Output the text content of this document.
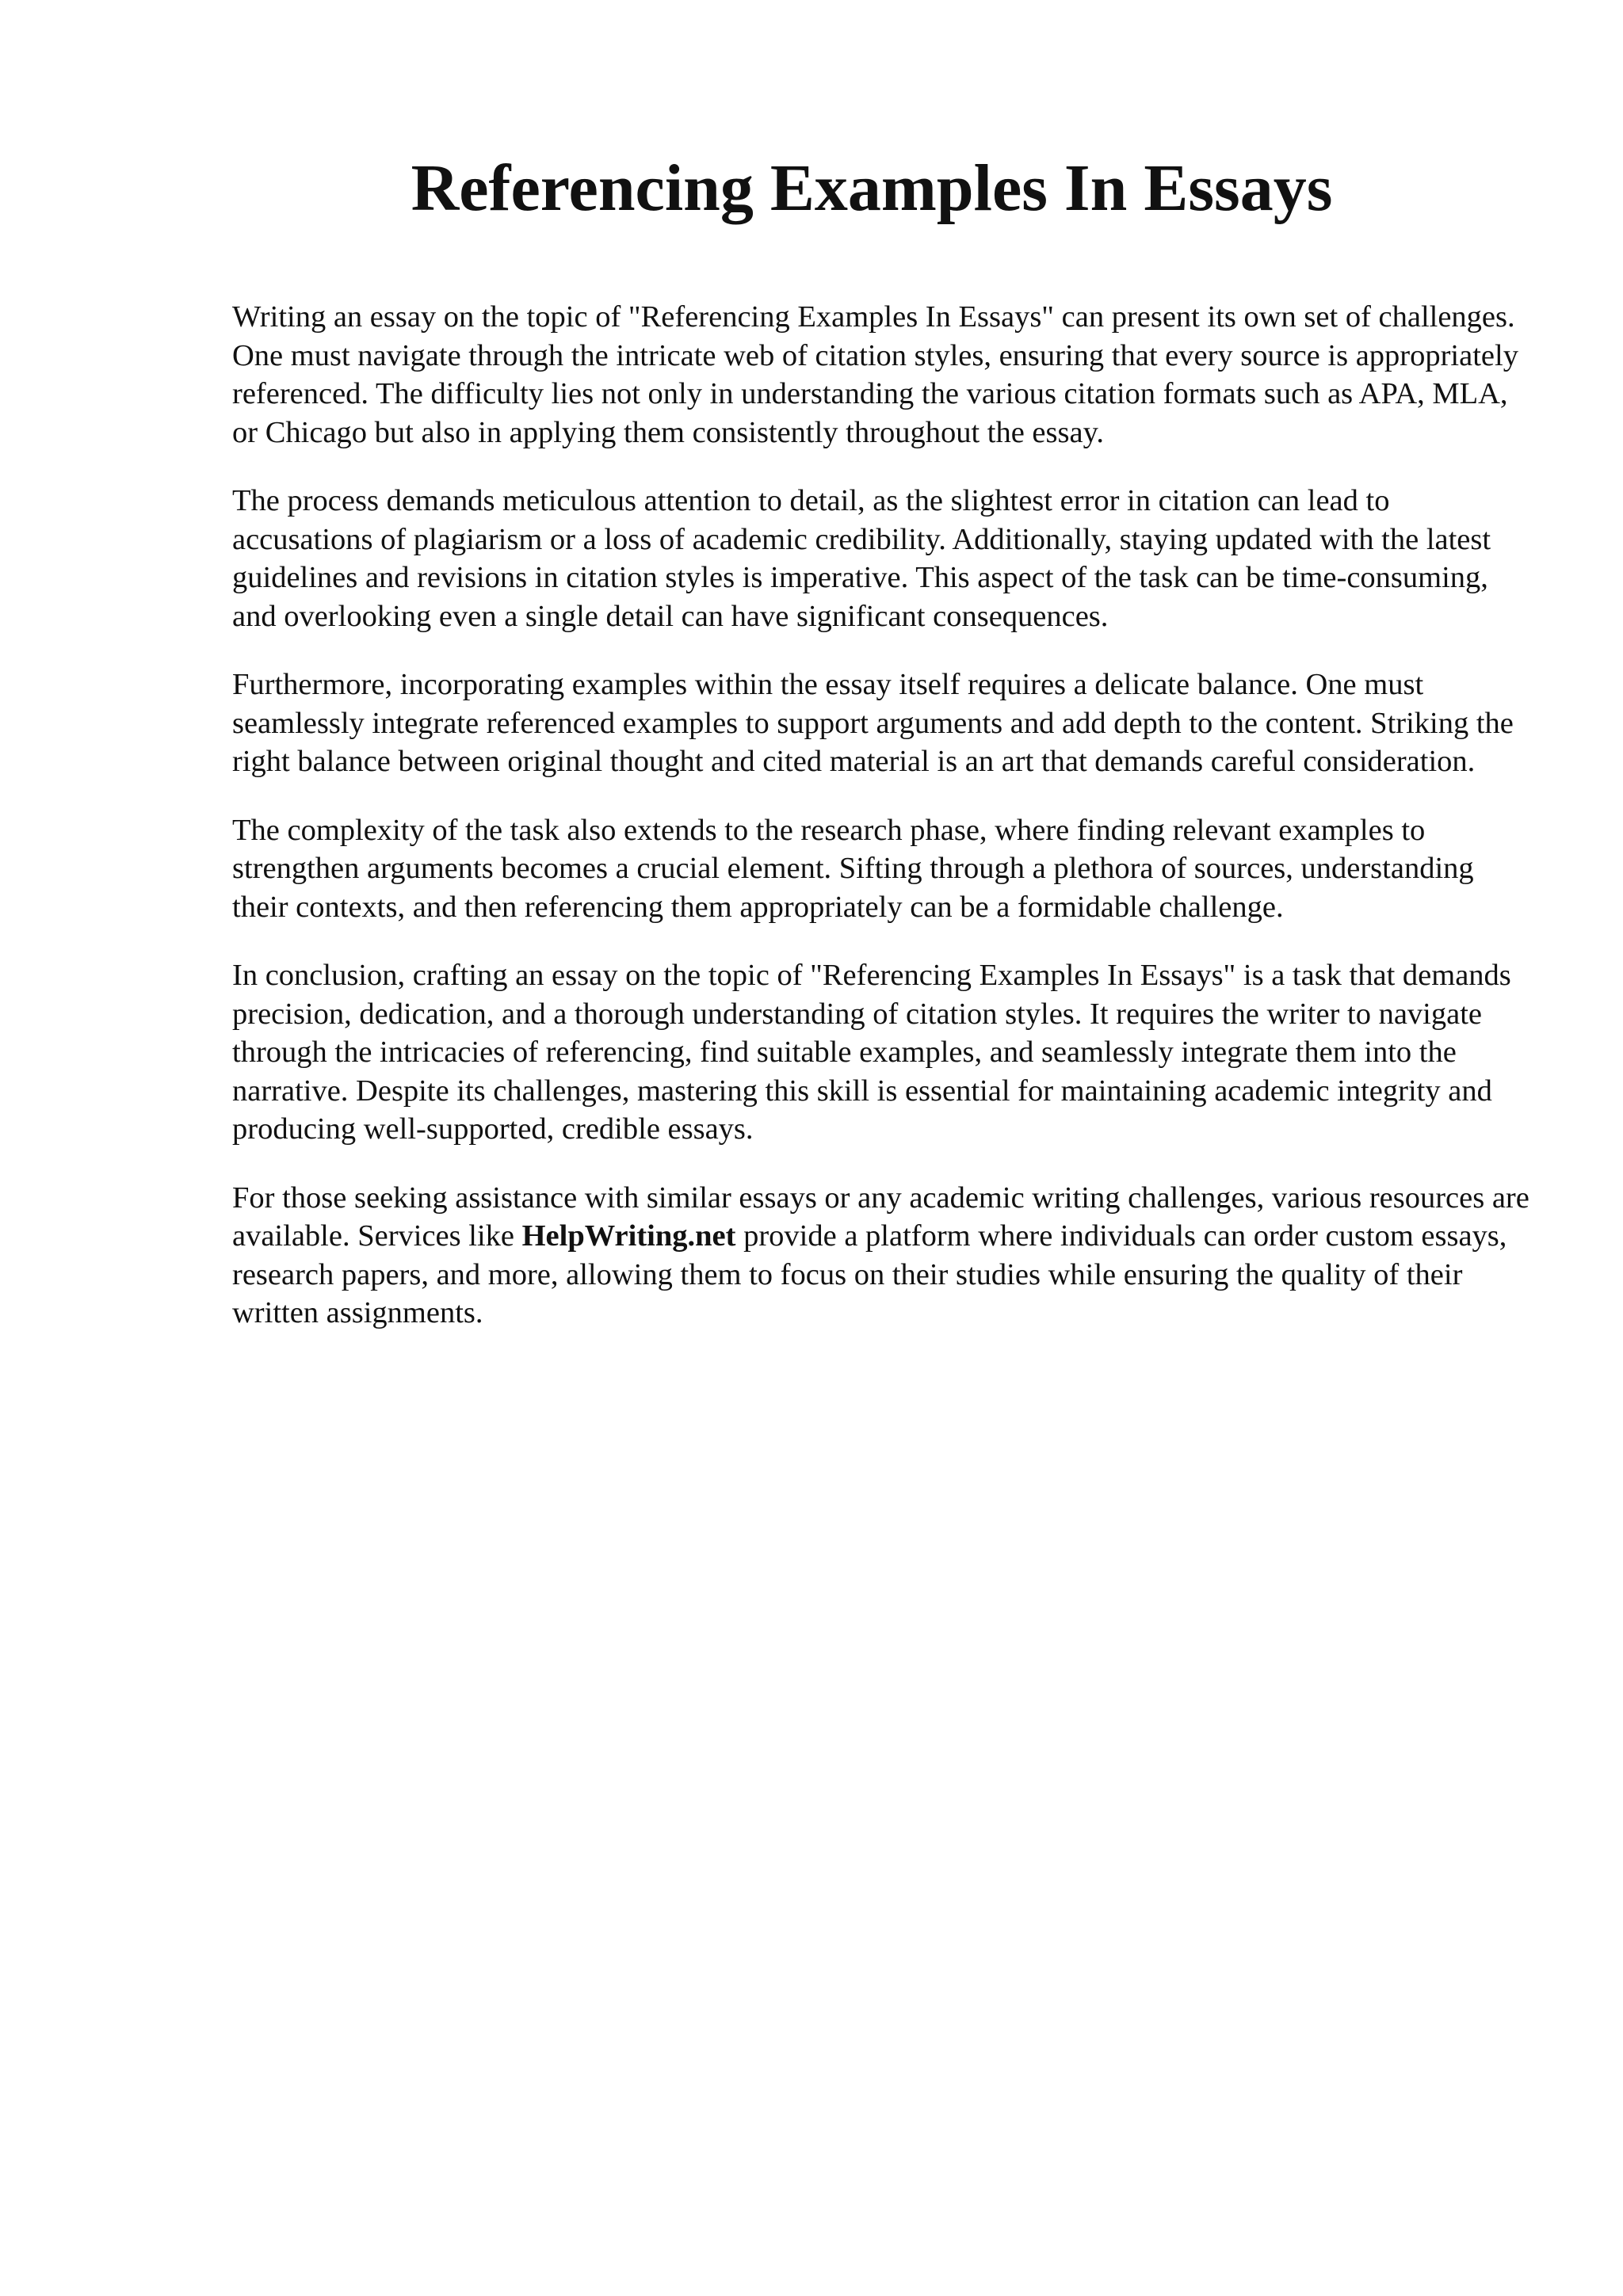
Referencing Examples In Essays

Writing an essay on the topic of "Referencing Examples In Essays" can present its own set of challenges. One must navigate through the intricate web of citation styles, ensuring that every source is appropriately referenced. The difficulty lies not only in understanding the various citation formats such as APA, MLA, or Chicago but also in applying them consistently throughout the essay.

The process demands meticulous attention to detail, as the slightest error in citation can lead to accusations of plagiarism or a loss of academic credibility. Additionally, staying updated with the latest guidelines and revisions in citation styles is imperative. This aspect of the task can be time-consuming, and overlooking even a single detail can have significant consequences.

Furthermore, incorporating examples within the essay itself requires a delicate balance. One must seamlessly integrate referenced examples to support arguments and add depth to the content. Striking the right balance between original thought and cited material is an art that demands careful consideration.

The complexity of the task also extends to the research phase, where finding relevant examples to strengthen arguments becomes a crucial element. Sifting through a plethora of sources, understanding their contexts, and then referencing them appropriately can be a formidable challenge.

In conclusion, crafting an essay on the topic of "Referencing Examples In Essays" is a task that demands precision, dedication, and a thorough understanding of citation styles. It requires the writer to navigate through the intricacies of referencing, find suitable examples, and seamlessly integrate them into the narrative. Despite its challenges, mastering this skill is essential for maintaining academic integrity and producing well-supported, credible essays.

For those seeking assistance with similar essays or any academic writing challenges, various resources are available. Services like HelpWriting.net provide a platform where individuals can order custom essays, research papers, and more, allowing them to focus on their studies while ensuring the quality of their written assignments.
